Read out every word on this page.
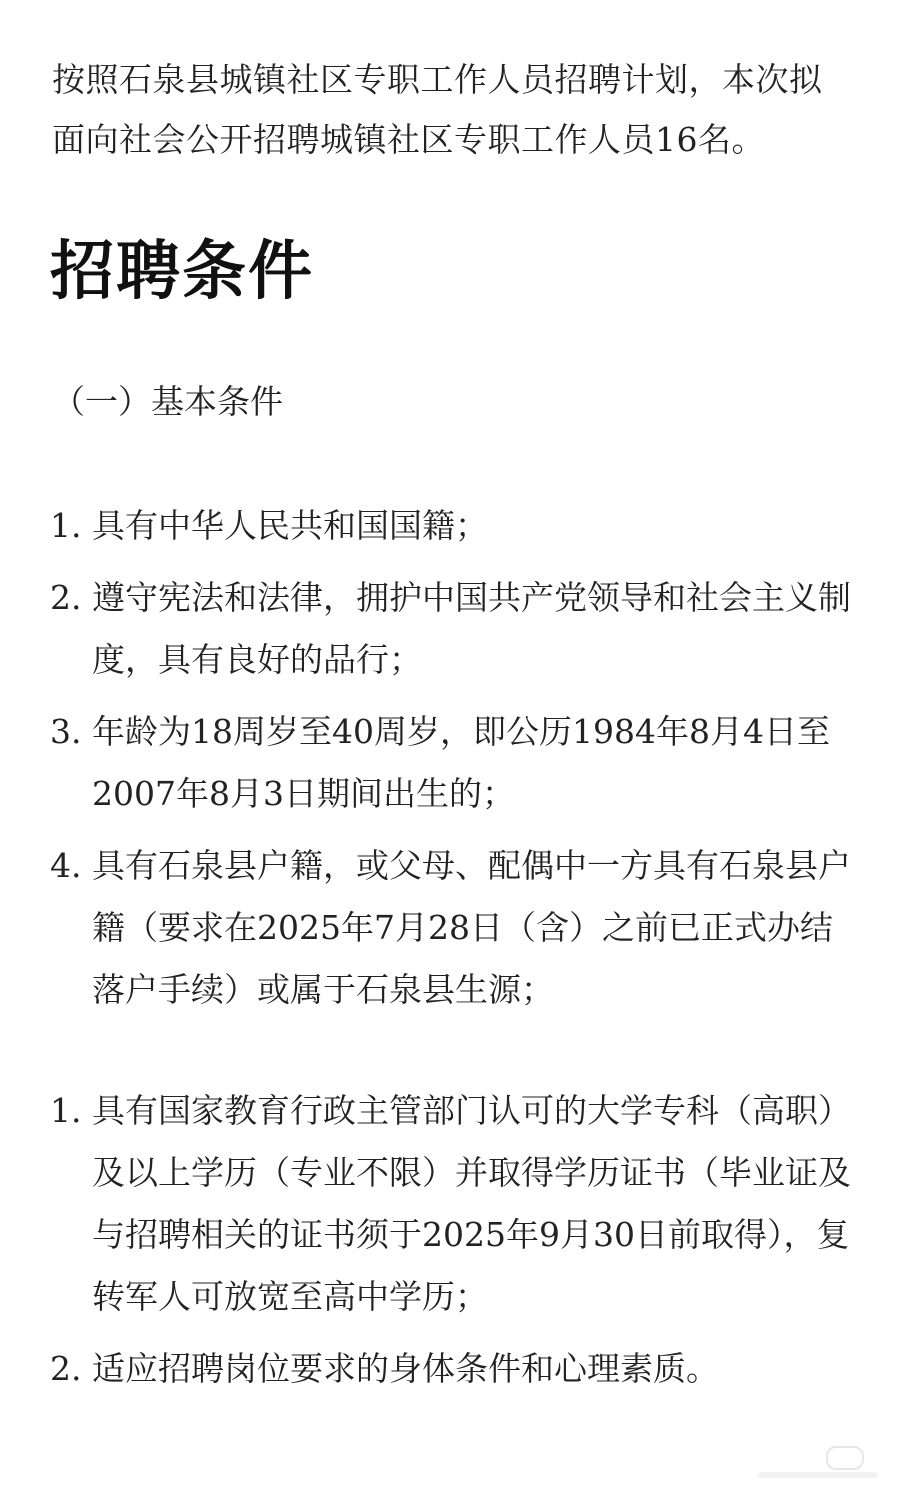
按照石泉县城镇社区专职工作人员招聘计划，本次拟面向社会公开招聘城镇社区专职工作人员16名。

招聘条件

（一）基本条件

1. 具有中华人民共和国国籍；
2. 遵守宪法和法律，拥护中国共产党领导和社会主义制度，具有良好的品行；
3. 年龄为18周岁至40周岁，即公历1984年8月4日至2007年8月3日期间出生的；
4. 具有石泉县户籍，或父母、配偶中一方具有石泉县户籍（要求在2025年7月28日（含）之前已正式办结落户手续）或属于石泉县生源；
1. 具有国家教育行政主管部门认可的大学专科（高职）及以上学历（专业不限）并取得学历证书（毕业证及与招聘相关的证书须于2025年9月30日前取得），复转军人可放宽至高中学历；
2. 适应招聘岗位要求的身体条件和心理素质。
